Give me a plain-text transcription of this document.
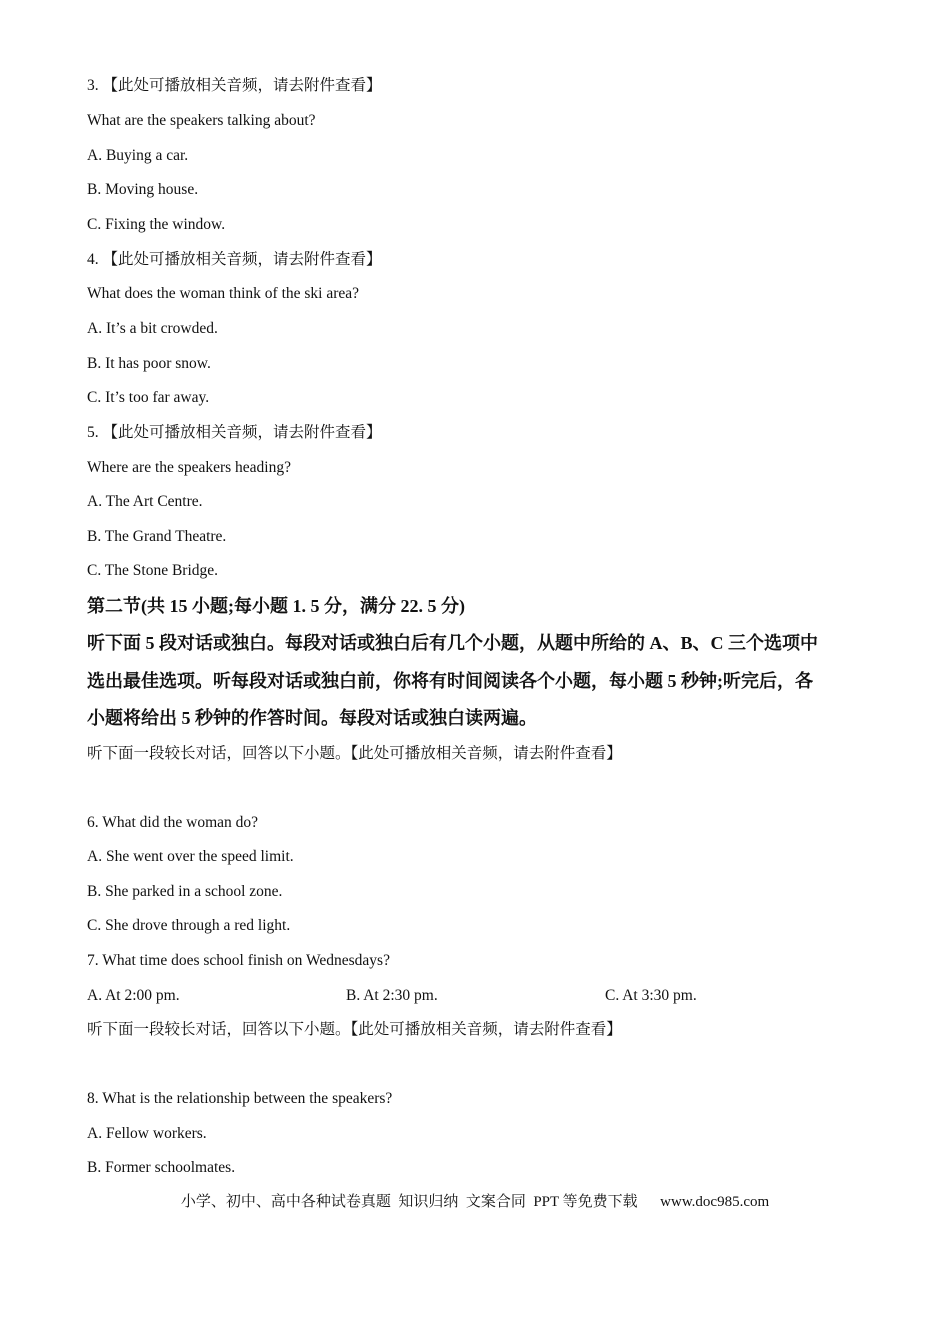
3. 【此处可播放相关音频，请去附件查看】
What are the speakers talking about?
A. Buying a car.
B. Moving house.
C. Fixing the window.
4. 【此处可播放相关音频，请去附件查看】
What does the woman think of the ski area?
A. It’s a bit crowded.
B. It has poor snow.
C. It’s too far away.
5. 【此处可播放相关音频，请去附件查看】
Where are the speakers heading?
A. The Art Centre.
B. The Grand Theatre.
C. The Stone Bridge.
第二节(共 15 小题;每小题 1. 5 分，满分 22. 5 分)
听下面 5 段对话或独白。每段对话或独白后有几个小题，从题中所给的 A、B、C 三个选项中
选出最佳选项。听每段对话或独白前，你将有时间阅读各个小题，每小题 5 秒钟;听完后，各
小题将给出 5 秒钟的作答时间。每段对话或独白读两遍。
听下面一段较长对话，回答以下小题。【此处可播放相关音频，请去附件查看】
6. What did the woman do?
A. She went over the speed limit.
B. She parked in a school zone.
C. She drove through a red light.
7. What time does school finish on Wednesdays?
A. At 2:00 pm.	B. At 2:30 pm.	C. At 3:30 pm.
听下面一段较长对话，回答以下小题。【此处可播放相关音频，请去附件查看】
8. What is the relationship between the speakers?
A. Fellow workers.
B. Former schoolmates.
小学、初中、高中各种试卷真题  知识归纳  文案合同  PPT 等免费下载      www.doc985.com
